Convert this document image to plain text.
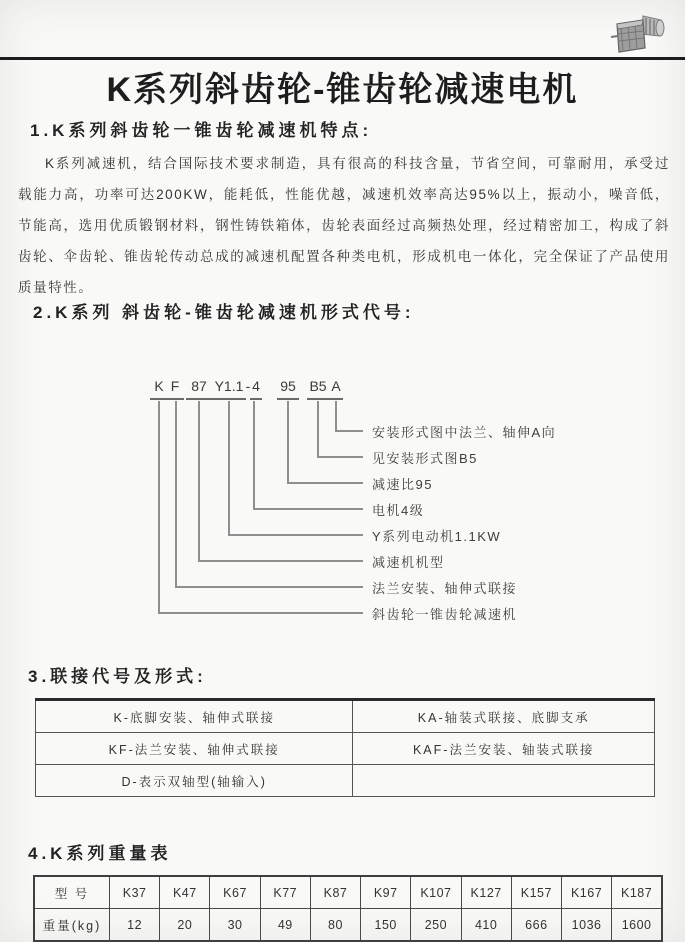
K系列斜齿轮-锥齿轮减速电机
1.K系列斜齿轮一锥齿轮减速机特点:
K系列减速机，结合国际技术要求制造，具有很高的科技含量，节省空间，可靠耐用，承受过载能力高，功率可达200KW，能耗低，性能优越，减速机效率高达95%以上，振动小，噪音低，节能高，选用优质锻钢材料，钢性铸铁箱体，齿轮表面经过高频热处理，经过精密加工，构成了斜齿轮、伞齿轮、锥齿轮传动总成的减速机配置各种类电机，形成机电一体化，完全保证了产品使用质量特性。
2.K系列 斜齿轮-锥齿轮减速机形式代号:
K F 87 Y1.1 - 4 95 B5 A
安装形式图中法兰、轴伸A向
见安装形式图B5
减速比95
电机4级
Y系列电动机1.1KW
减速机机型
法兰安装、轴伸式联接
斜齿轮一锥齿轮减速机
3.联接代号及形式:
K-底脚安装、轴伸式联接	KA-轴装式联接、底脚支承
KF-法兰安装、轴伸式联接	KAF-法兰安装、轴装式联接
D-表示双轴型(轴输入)	
4.K系列重量表
型 号	K37	K47	K67	K77	K87	K97	K107	K127	K157	K167	K187
重量(kg)	12	20	30	49	80	150	250	410	666	1036	1600
